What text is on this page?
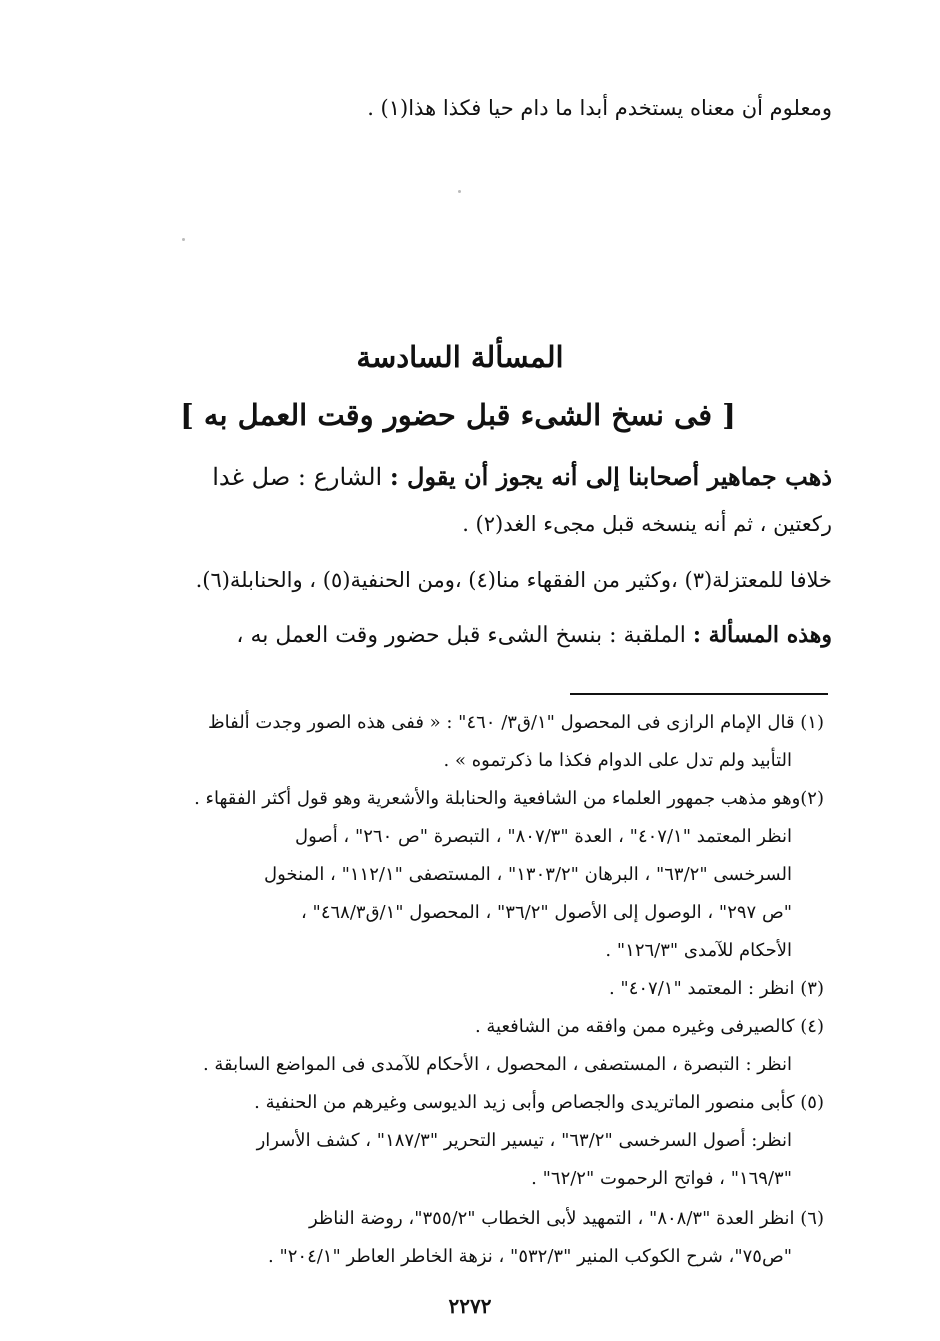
ومعلوم أن معناه يستخدم أبدا ما دام حيا فكذا هذا(١) .
المسألة السادسة
[ فى نسخ الشىء قبل حضور وقت العمل به ]
ذهب جماهير أصحابنا إلى أنه يجوز أن يقول : الشارع : صل غدا
ركعتين ، ثم أنه ينسخه قبل مجىء الغد(٢) .
خلافا للمعتزلة(٣) ،وكثير من الفقهاء منا(٤) ،ومن الحنفية(٥) ، والحنابلة(٦).
وهذه المسألة : الملقبة : بنسخ الشىء قبل حضور وقت العمل به ،
(١) قال الإمام الرازى فى المحصول "١/ق٣/ ٤٦٠" : « ففى هذه الصور وجدت ألفاظ
التأبيد ولم تدل على الدوام فكذا ما ذكرتموه » .
(٢)وهو مذهب جمهور العلماء من الشافعية والحنابلة والأشعرية وهو قول أكثر الفقهاء .
انظر المعتمد "٤٠٧/١" ، العدة "٨٠٧/٣" ، التبصرة "ص ٢٦٠" ، أصول
السرخسى "٦٣/٢" ، البرهان "١٣٠٣/٢" ، المستصفى "١١٢/١" ، المنخول
"ص ٢٩٧" ، الوصول إلى الأصول "٣٦/٢" ، المحصول "١/ق٤٦٨/٣" ،
الأحكام للآمدى "١٢٦/٣" .
(٣) انظر : المعتمد "٤٠٧/١" .
(٤) كالصيرفى وغيره ممن وافقه من الشافعية .
انظر : التبصرة ، المستصفى ، المحصول ، الأحكام للآمدى فى المواضع السابقة .
(٥) كأبى منصور الماتريدى والجصاص وأبى زيد الديوسى وغيرهم من الحنفية .
انظر: أصول السرخسى "٦٣/٢" ، تيسير التحرير "١٨٧/٣" ، كشف الأسرار
"١٦٩/٣" ، فواتح الرحموت "٦٢/٢" .
(٦) انظر العدة "٨٠٨/٣" ، التمهيد لأبى الخطاب "٣٥٥/٢"، روضة الناظر
"ص٧٥"، شرح الكوكب المنير "٥٣٢/٣" ، نزهة الخاطر العاطر "٢٠٤/١" .
٢٢٧٢
